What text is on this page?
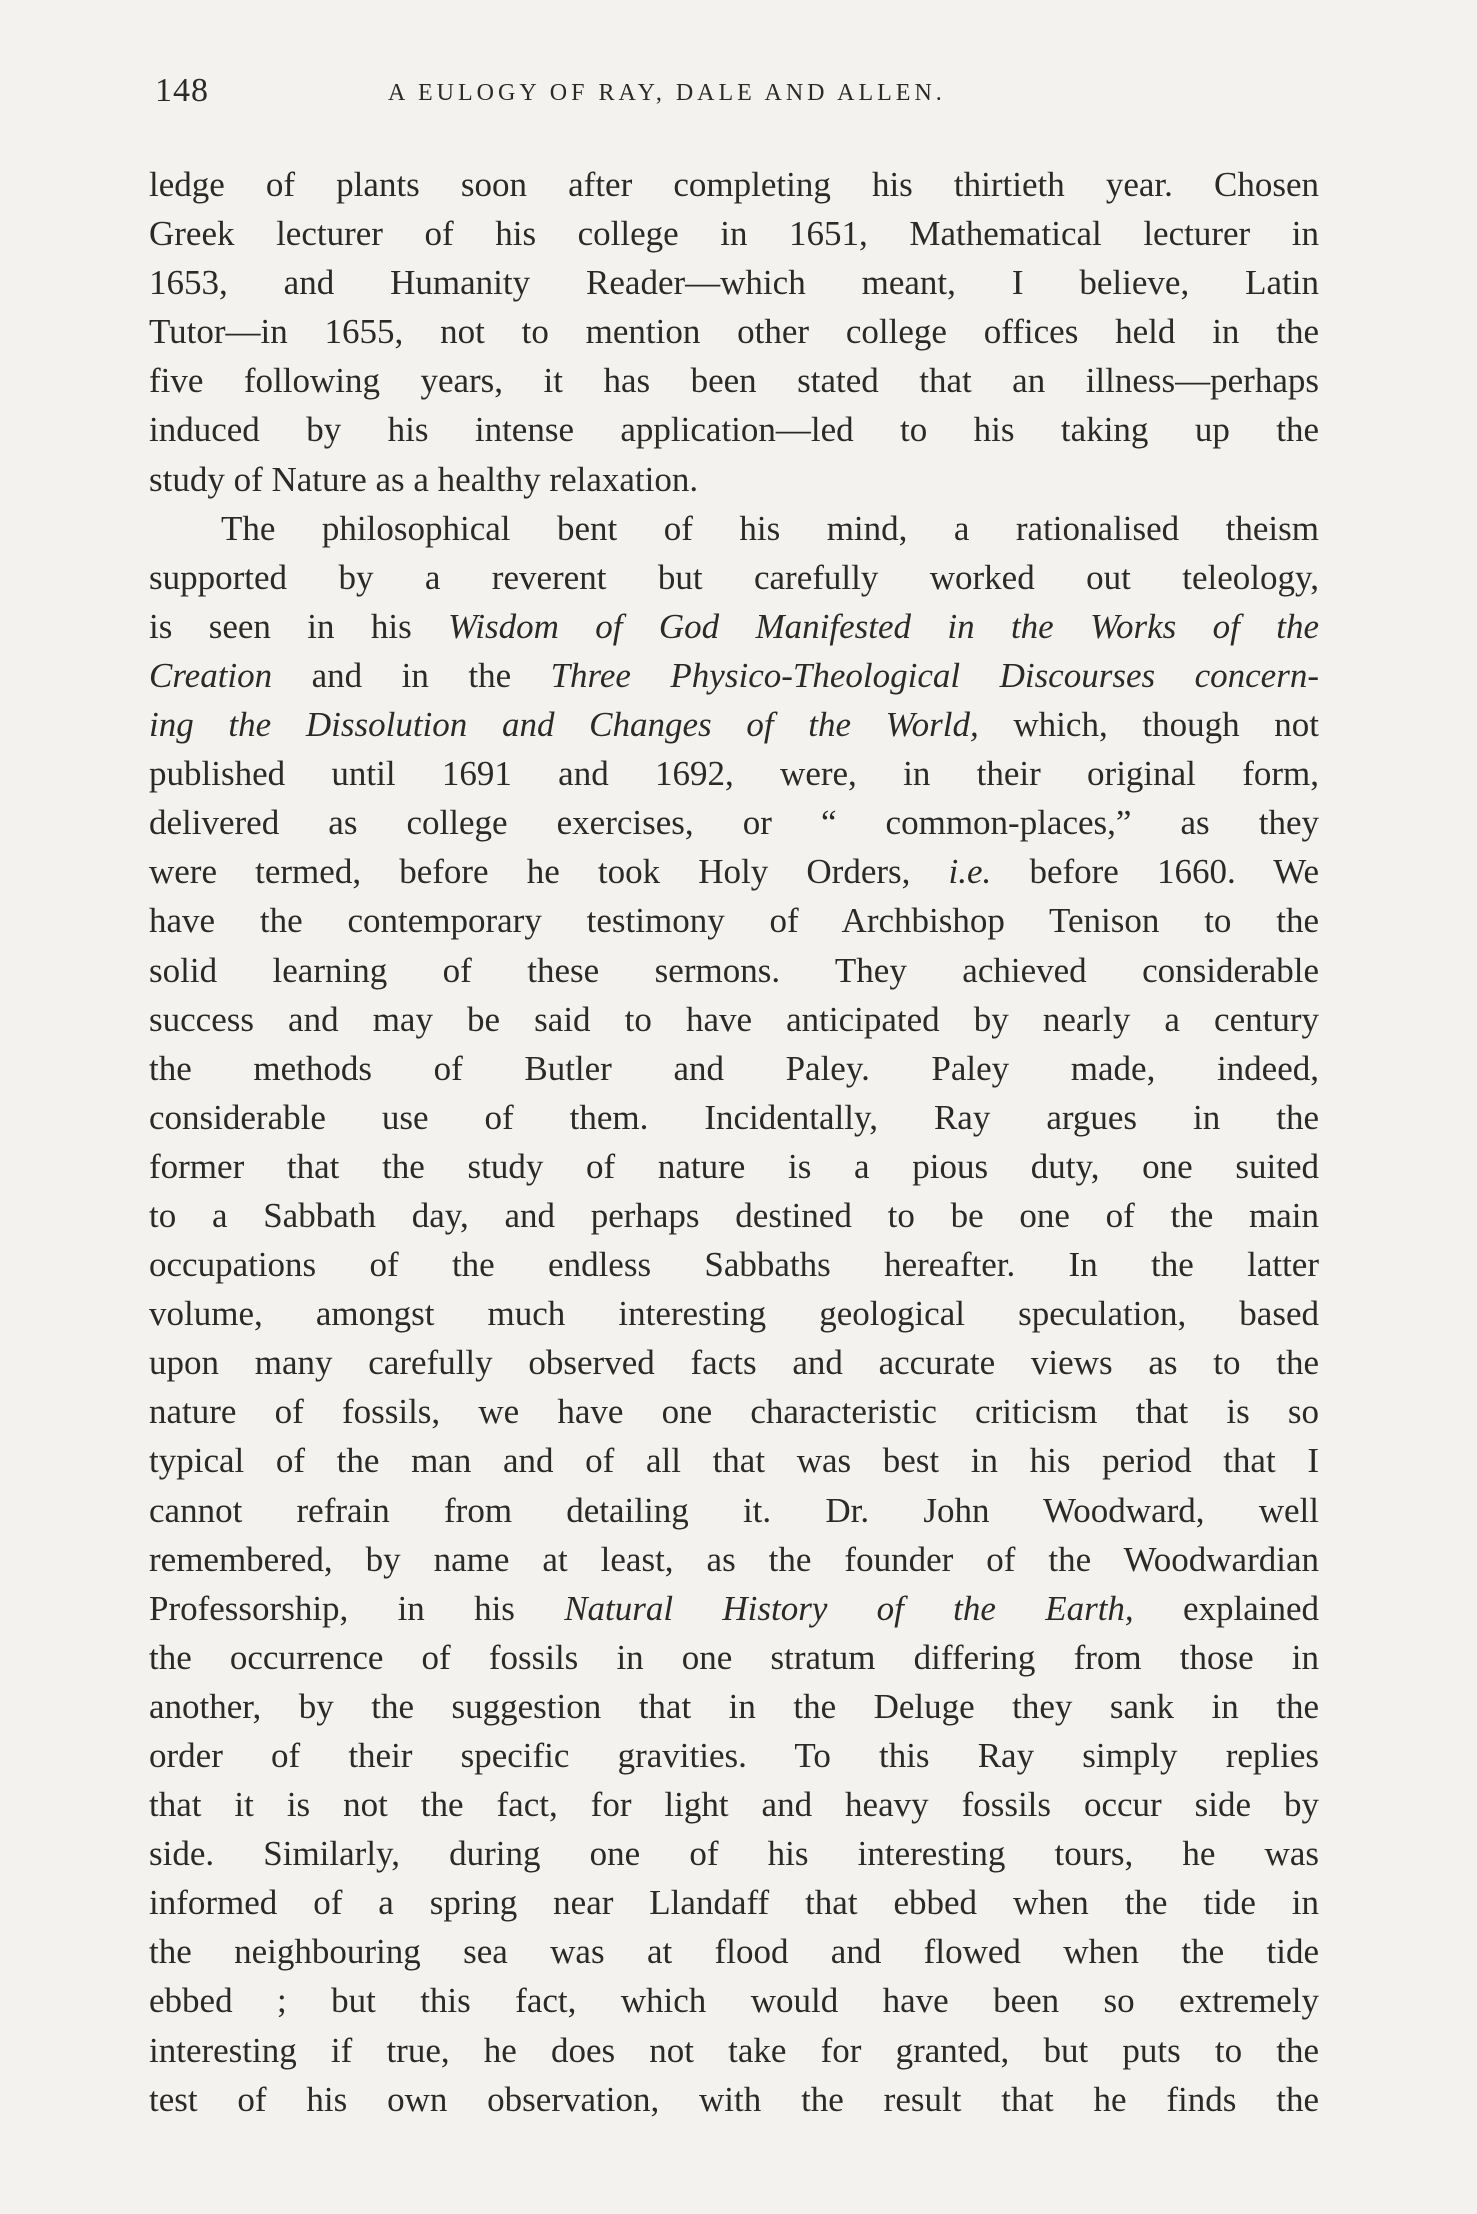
148	A EULOGY OF RAY, DALE AND ALLEN.
ledge of plants soon after completing his thirtieth year. Chosen
Greek lecturer of his college in 1651, Mathematical lecturer in
1653, and Humanity Reader—which meant, I believe, Latin
Tutor—in 1655, not to mention other college offices held in the
five following years, it has been stated that an illness—perhaps
induced by his intense application—led to his taking up the
study of Nature as a healthy relaxation.
The philosophical bent of his mind, a rationalised theism
supported by a reverent but carefully worked out teleology,
is seen in his Wisdom of God Manifested in the Works of the
Creation and in the Three Physico-Theological Discourses concern-
ing the Dissolution and Changes of the World, which, though not
published until 1691 and 1692, were, in their original form,
delivered as college exercises, or “ common-places,” as they
were termed, before he took Holy Orders, i.e. before 1660. We
have the contemporary testimony of Archbishop Tenison to the
solid learning of these sermons. They achieved considerable
success and may be said to have anticipated by nearly a century
the methods of Butler and Paley. Paley made, indeed,
considerable use of them. Incidentally, Ray argues in the
former that the study of nature is a pious duty, one suited
to a Sabbath day, and perhaps destined to be one of the main
occupations of the endless Sabbaths hereafter. In the latter
volume, amongst much interesting geological speculation, based
upon many carefully observed facts and accurate views as to the
nature of fossils, we have one characteristic criticism that is so
typical of the man and of all that was best in his period that I
cannot refrain from detailing it. Dr. John Woodward, well
remembered, by name at least, as the founder of the Woodwardian
Professorship, in his Natural History of the Earth, explained
the occurrence of fossils in one stratum differing from those in
another, by the suggestion that in the Deluge they sank in the
order of their specific gravities. To this Ray simply replies
that it is not the fact, for light and heavy fossils occur side by
side. Similarly, during one of his interesting tours, he was
informed of a spring near Llandaff that ebbed when the tide in
the neighbouring sea was at flood and flowed when the tide
ebbed ; but this fact, which would have been so extremely
interesting if true, he does not take for granted, but puts to the
test of his own observation, with the result that he finds the
